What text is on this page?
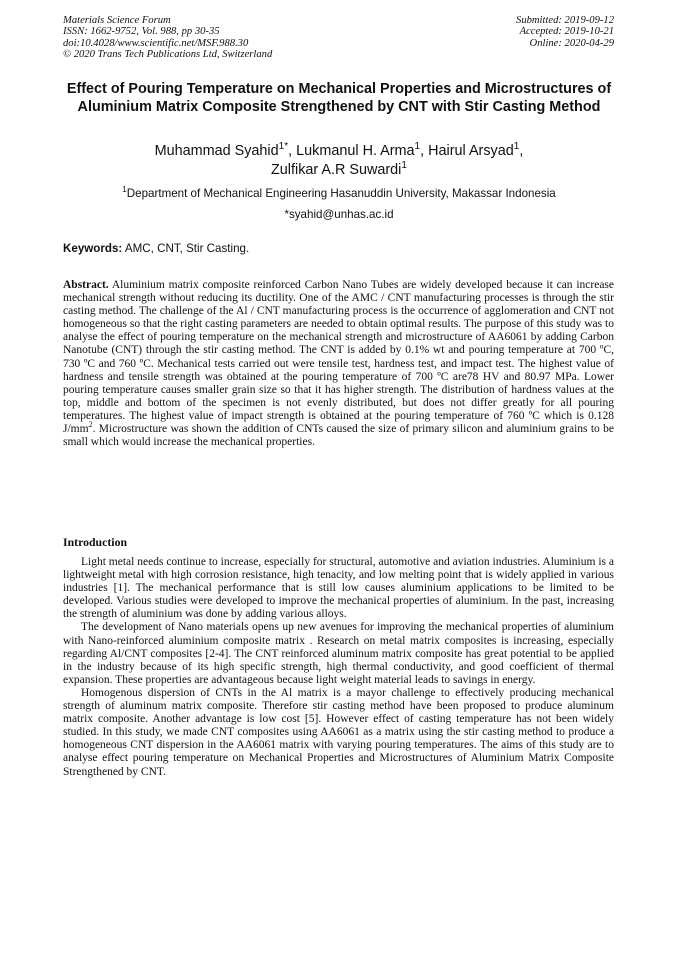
Materials Science Forum
ISSN: 1662-9752, Vol. 988, pp 30-35
doi:10.4028/www.scientific.net/MSF.988.30
© 2020 Trans Tech Publications Ltd, Switzerland
Submitted: 2019-09-12
Accepted: 2019-10-21
Online: 2020-04-29
Effect of Pouring Temperature on Mechanical Properties and Microstructures of Aluminium Matrix Composite Strengthened by CNT with Stir Casting Method
Muhammad Syahid$^{1*}$, Lukmanul H. Arma$^1$, Hairul Arsyad$^1$,
Zulfikar A.R Suwardi$^1$
$^1$Department of Mechanical Engineering Hasanuddin University, Makassar Indonesia
*syahid@unhas.ac.id
Keywords: AMC, CNT, Stir Casting.
Abstract. Aluminium matrix composite reinforced Carbon Nano Tubes are widely developed because it can increase mechanical strength without reducing its ductility. One of the AMC / CNT manufacturing processes is through the stir casting method. The challenge of the Al / CNT manufacturing process is the occurrence of agglomeration and CNT not homogeneous so that the right casting parameters are needed to obtain optimal results. The purpose of this study was to analyse the effect of pouring temperature on the mechanical strength and microstructure of AA6061 by adding Carbon Nanotube (CNT) through the stir casting method. The CNT is added by 0.1% wt and pouring temperature at 700 ºC, 730 ºC and 760 ºC. Mechanical tests carried out were tensile test, hardness test, and impact test. The highest value of hardness and tensile strength was obtained at the pouring temperature of 700 ºC are78 HV and 80.97 MPa. Lower pouring temperature causes smaller grain size so that it has higher strength. The distribution of hardness values at the top, middle and bottom of the specimen is not evenly distributed, but does not differ greatly for all pouring temperatures. The highest value of impact strength is obtained at the pouring temperature of 760 ºC which is 0.128 $J/mm^2$. Microstructure was shown the addition of CNTs caused the size of primary silicon and aluminium grains to be small which would increase the mechanical properties.
Introduction

Light metal needs continue to increase, especially for structural, automotive and aviation industries. Aluminium is a lightweight metal with high corrosion resistance, high tenacity, and low melting point that is widely applied in various industries [1]. The mechanical performance that is still low causes aluminium applications to be limited to be developed. Various studies were developed to improve the mechanical properties of aluminium. In the past, increasing the strength of aluminium was done by adding various alloys.

The development of Nano materials opens up new avenues for improving the mechanical properties of aluminium with Nano-reinforced aluminium composite matrix . Research on metal matrix composites is increasing, especially regarding Al/CNT composites [2-4]. The CNT reinforced aluminum matrix composite has great potential to be applied in the industry because of its high specific strength, high thermal conductivity, and good coefficient of thermal expansion. These properties are advantageous because light weight material leads to savings in energy.

Homogenous dispersion of CNTs in the Al matrix is a mayor challenge to effectively producing mechanical strength of aluminum matrix composite. Therefore stir casting method have been proposed to produce aluminum matrix composite. Another advantage is low cost [5]. However effect of casting temperature has not been widely studied. In this study, we made CNT composites using AA6061 as a matrix using the stir casting method to produce a homogeneous CNT dispersion in the AA6061 matrix with varying pouring temperatures. The aims of this study are to analyse effect pouring temperature on Mechanical Properties and Microstructures of Aluminium Matrix Composite Strengthened by CNT.
